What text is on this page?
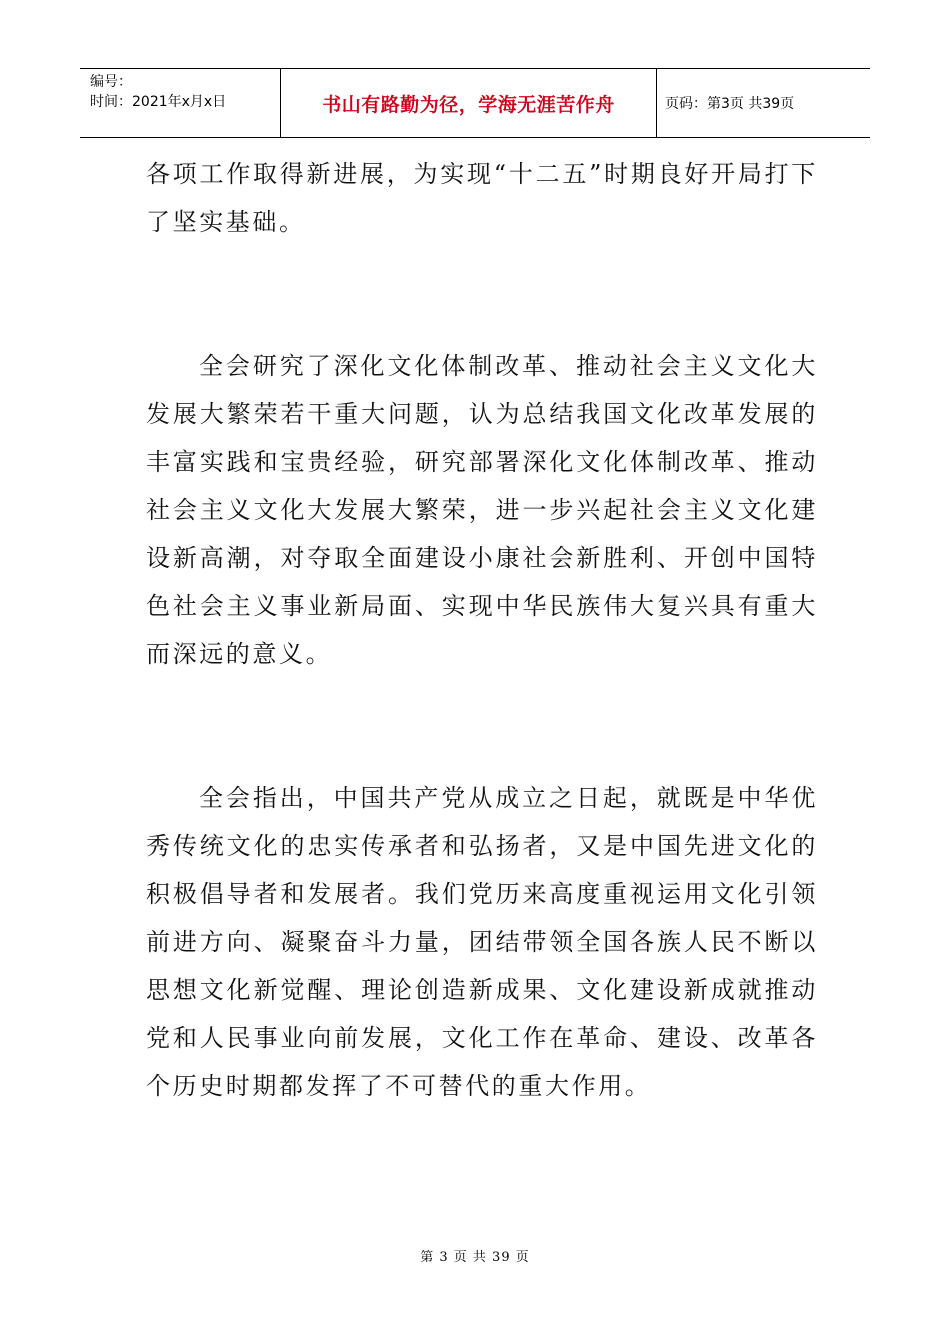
编号：
时间：2021年x月x日	书山有路勤为径，学海无涯苦作舟	页码：第3页 共39页

各项工作取得新进展，为实现“十二五”时期良好开局打下了坚实基础。

全会研究了深化文化体制改革、推动社会主义文化大发展大繁荣若干重大问题，认为总结我国文化改革发展的丰富实践和宝贵经验，研究部署深化文化体制改革、推动社会主义文化大发展大繁荣，进一步兴起社会主义文化建设新高潮，对夺取全面建设小康社会新胜利、开创中国特色社会主义事业新局面、实现中华民族伟大复兴具有重大而深远的意义。

全会指出，中国共产党从成立之日起，就既是中华优秀传统文化的忠实传承者和弘扬者，又是中国先进文化的积极倡导者和发展者。我们党历来高度重视运用文化引领前进方向、凝聚奋斗力量，团结带领全国各族人民不断以思想文化新觉醒、理论创造新成果、文化建设新成就推动党和人民事业向前发展，文化工作在革命、建设、改革各个历史时期都发挥了不可替代的重大作用。

第 3 页 共 39 页
